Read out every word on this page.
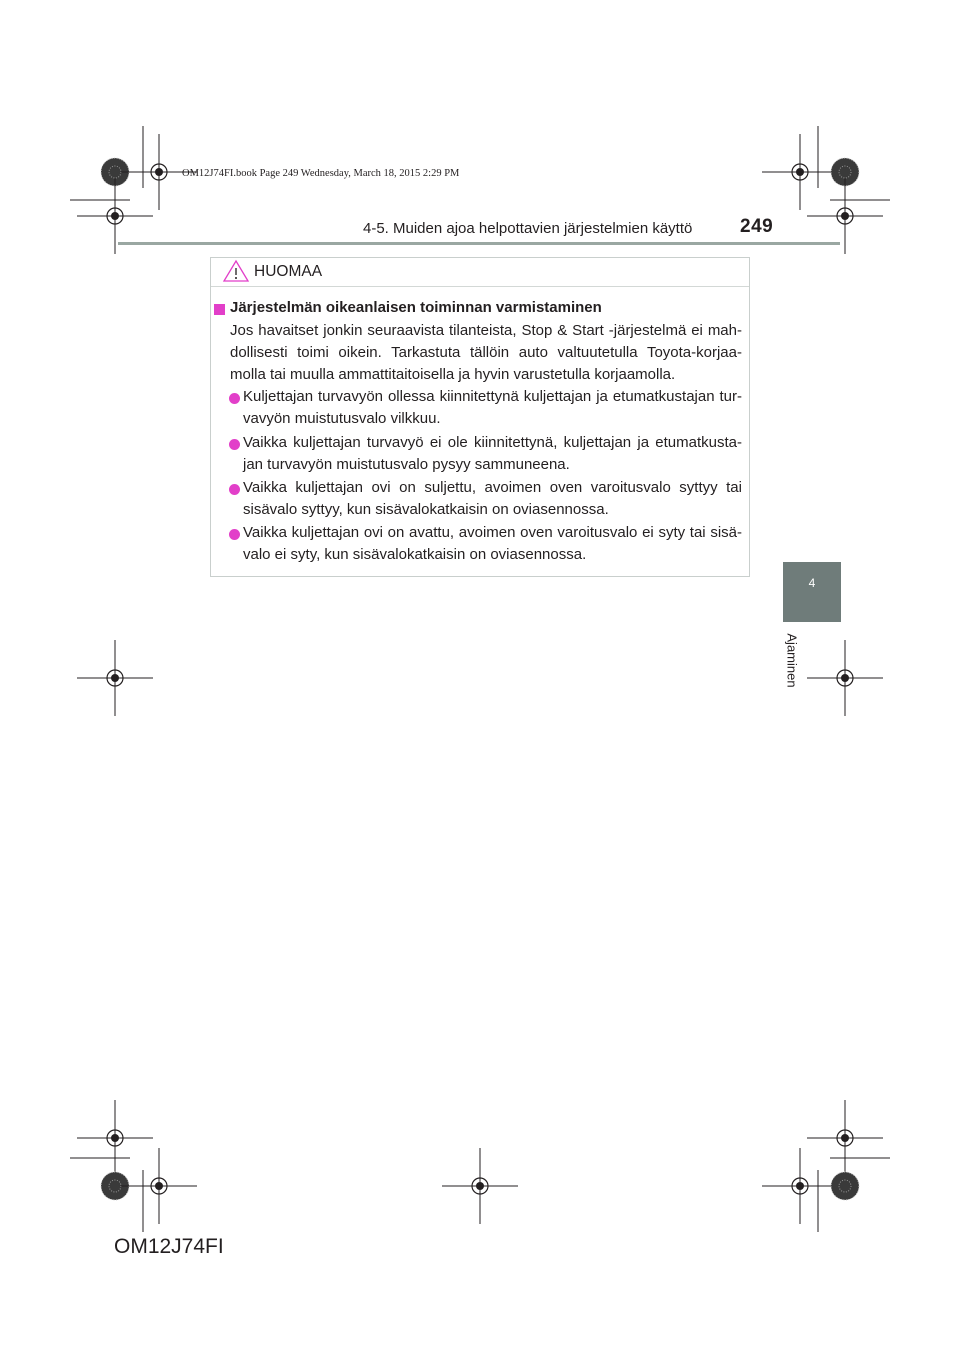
OM12J74FI.book Page 249 Wednesday, March 18, 2015 2:29 PM
4-5. Muiden ajoa helpottavien järjestelmien käyttö	249
4
Ajaminen
HUOMAA
Järjestelmän oikeanlaisen toiminnan varmistaminen
Jos havaitset jonkin seuraavista tilanteista, Stop & Start -järjestelmä ei mah-
dollisesti toimi oikein. Tarkastuta tällöin auto valtuutetulla Toyota-korjaa-
molla tai muulla ammattitaitoisella ja hyvin varustetulla korjaamolla.
Kuljettajan turvavyön ollessa kiinnitettynä kuljettajan ja etumatkustajan tur-
vavyön muistutusvalo vilkkuu.
Vaikka kuljettajan turvavyö ei ole kiinnitettynä, kuljettajan ja etumatkusta-
jan turvavyön muistutusvalo pysyy sammuneena.
Vaikka kuljettajan ovi on suljettu, avoimen oven varoitusvalo syttyy tai
sisävalo syttyy, kun sisävalokatkaisin on oviasennossa.
Vaikka kuljettajan ovi on avattu, avoimen oven varoitusvalo ei syty tai sisä-
valo ei syty, kun sisävalokatkaisin on oviasennossa.
OM12J74FI
